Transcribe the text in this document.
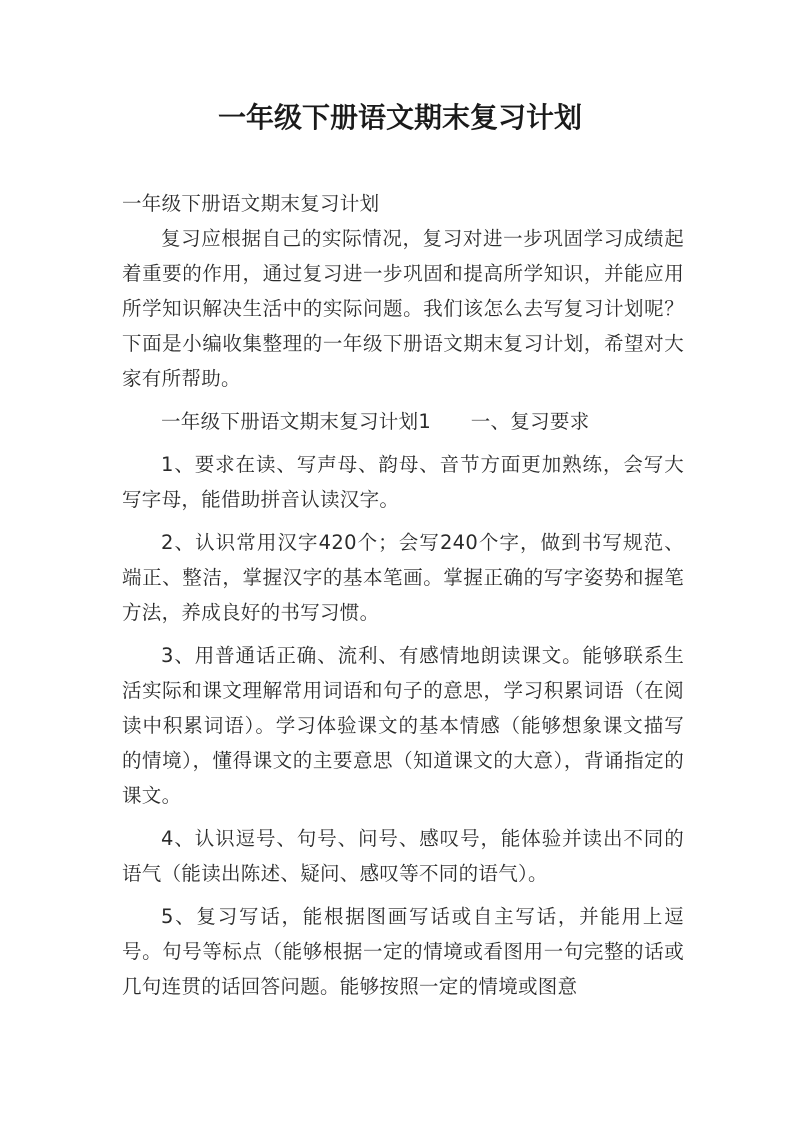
一年级下册语文期末复习计划

一年级下册语文期末复习计划

复习应根据自己的实际情况，复习对进一步巩固学习成绩起着重要的作用，通过复习进一步巩固和提高所学知识，并能应用所学知识解决生活中的实际问题。我们该怎么去写复习计划呢？下面是小编收集整理的一年级下册语文期末复习计划，希望对大家有所帮助。

一年级下册语文期末复习计划1　　一、复习要求

1、要求在读、写声母、韵母、音节方面更加熟练，会写大写字母，能借助拼音认读汉字。

2、认识常用汉字420个；会写240个字，做到书写规范、端正、整洁，掌握汉字的基本笔画。掌握正确的写字姿势和握笔方法，养成良好的书写习惯。

3、用普通话正确、流利、有感情地朗读课文。能够联系生活实际和课文理解常用词语和句子的意思，学习积累词语（在阅读中积累词语）。学习体验课文的基本情感（能够想象课文描写的情境），懂得课文的主要意思（知道课文的大意），背诵指定的课文。

4、认识逗号、句号、问号、感叹号，能体验并读出不同的语气（能读出陈述、疑问、感叹等不同的语气）。

5、复习写话，能根据图画写话或自主写话，并能用上逗号。句号等标点（能够根据一定的情境或看图用一句完整的话或几句连贯的话回答问题。能够按照一定的情境或图意
